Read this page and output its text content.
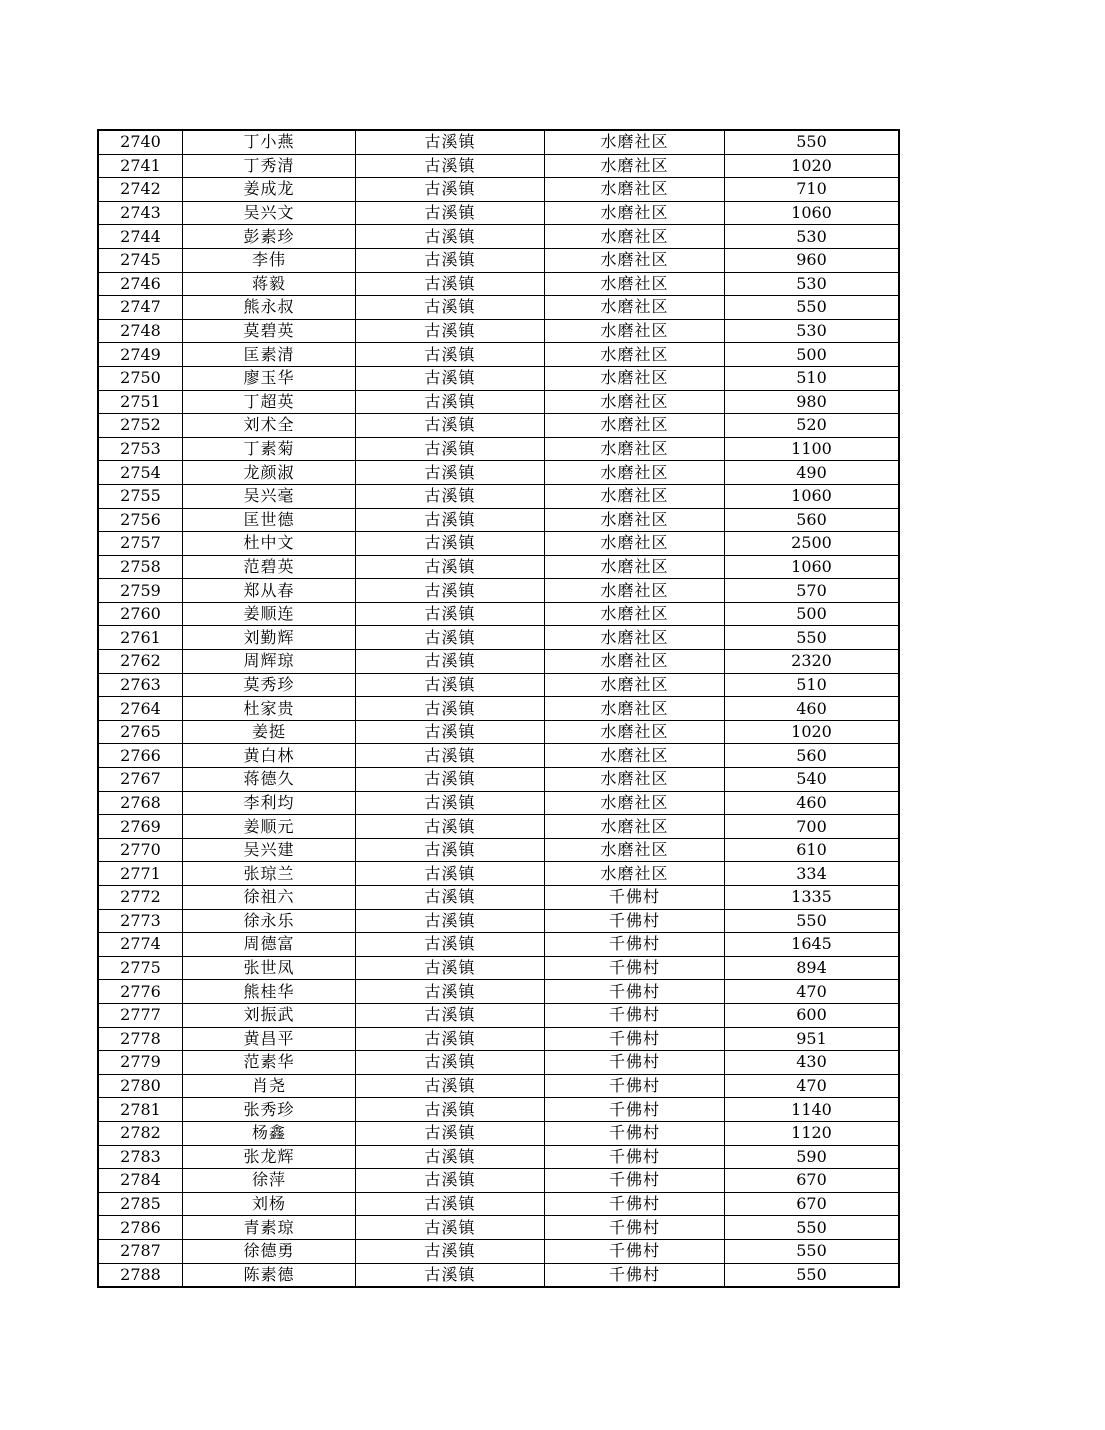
2740	丁小燕	古溪镇	水磨社区	550
2741	丁秀清	古溪镇	水磨社区	1020
2742	姜成龙	古溪镇	水磨社区	710
2743	吴兴文	古溪镇	水磨社区	1060
2744	彭素珍	古溪镇	水磨社区	530
2745	李伟	古溪镇	水磨社区	960
2746	蒋毅	古溪镇	水磨社区	530
2747	熊永叔	古溪镇	水磨社区	550
2748	莫碧英	古溪镇	水磨社区	530
2749	匡素清	古溪镇	水磨社区	500
2750	廖玉华	古溪镇	水磨社区	510
2751	丁超英	古溪镇	水磨社区	980
2752	刘术全	古溪镇	水磨社区	520
2753	丁素菊	古溪镇	水磨社区	1100
2754	龙颜淑	古溪镇	水磨社区	490
2755	吴兴毫	古溪镇	水磨社区	1060
2756	匡世德	古溪镇	水磨社区	560
2757	杜中文	古溪镇	水磨社区	2500
2758	范碧英	古溪镇	水磨社区	1060
2759	郑从春	古溪镇	水磨社区	570
2760	姜顺连	古溪镇	水磨社区	500
2761	刘勤辉	古溪镇	水磨社区	550
2762	周辉琼	古溪镇	水磨社区	2320
2763	莫秀珍	古溪镇	水磨社区	510
2764	杜家贵	古溪镇	水磨社区	460
2765	姜挺	古溪镇	水磨社区	1020
2766	黄白林	古溪镇	水磨社区	560
2767	蒋德久	古溪镇	水磨社区	540
2768	李利均	古溪镇	水磨社区	460
2769	姜顺元	古溪镇	水磨社区	700
2770	吴兴建	古溪镇	水磨社区	610
2771	张琼兰	古溪镇	水磨社区	334
2772	徐祖六	古溪镇	千佛村	1335
2773	徐永乐	古溪镇	千佛村	550
2774	周德富	古溪镇	千佛村	1645
2775	张世凤	古溪镇	千佛村	894
2776	熊桂华	古溪镇	千佛村	470
2777	刘振武	古溪镇	千佛村	600
2778	黄昌平	古溪镇	千佛村	951
2779	范素华	古溪镇	千佛村	430
2780	肖尧	古溪镇	千佛村	470
2781	张秀珍	古溪镇	千佛村	1140
2782	杨鑫	古溪镇	千佛村	1120
2783	张龙辉	古溪镇	千佛村	590
2784	徐萍	古溪镇	千佛村	670
2785	刘杨	古溪镇	千佛村	670
2786	青素琼	古溪镇	千佛村	550
2787	徐德勇	古溪镇	千佛村	550
2788	陈素德	古溪镇	千佛村	550
